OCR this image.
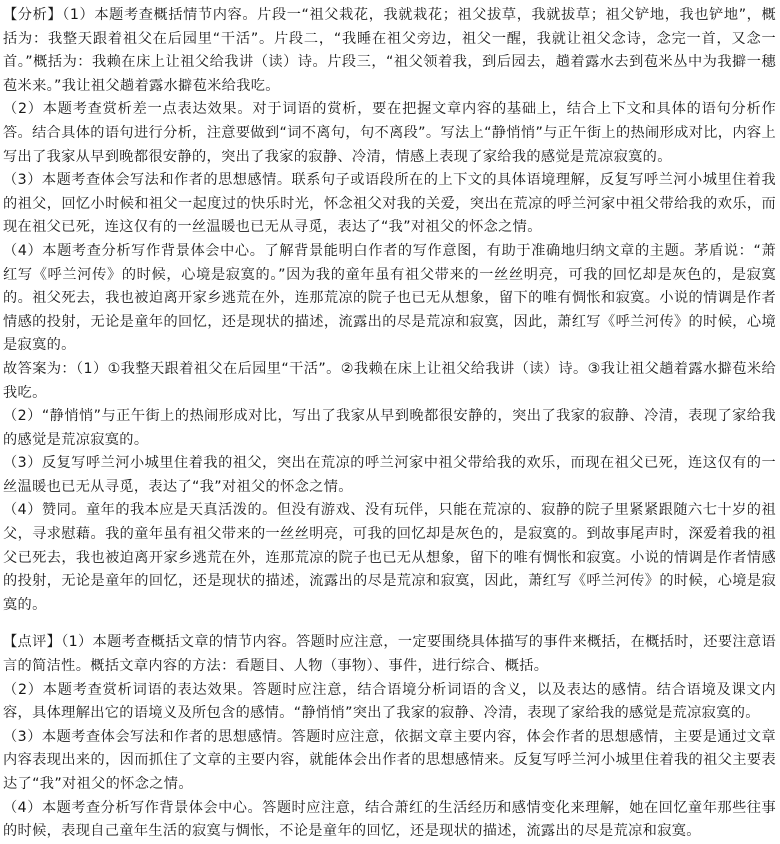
【分析】（1）本题考查概括情节内容。片段一“祖父栽花，我就栽花；祖父拔草，我就拔草；祖父铲地，我也铲地”，概括为：我整天跟着祖父在后园里“干活”。片段二，“我睡在祖父旁边，祖父一醒，我就让祖父念诗，念完一首，又念一首。”概括为：我赖在床上让祖父给我讲（读）诗。片段三，“祖父领着我，到后园去，趟着露水去到苞米丛中为我擗一穗苞米来。”我让祖父趟着露水擗苞米给我吃。

（2）本题考查赏析差一点表达效果。对于词语的赏析，要在把握文章内容的基础上，结合上下文和具体的语句分析作答。结合具体的语句进行分析，注意要做到“词不离句，句不离段”。写法上“静悄悄”与正午街上的热闹形成对比，内容上写出了我家从早到晚都很安静的，突出了我家的寂静、冷清，情感上表现了家给我的感觉是荒凉寂寞的。

（3）本题考查体会写法和作者的思想感情。联系句子或语段所在的上下文的具体语境理解，反复写呼兰河小城里住着我的祖父，回忆小时候和祖父一起度过的快乐时光，怀念祖父对我的关爱，突出在荒凉的呼兰河家中祖父带给我的欢乐，而现在祖父已死，连这仅有的一丝温暖也已无从寻觅，表达了“我”对祖父的怀念之情。

（4）本题考查分析写作背景体会中心。了解背景能明白作者的写作意图，有助于准确地归纳文章的主题。茅盾说：“萧红写《呼兰河传》的时候，心境是寂寞的。”因为我的童年虽有祖父带来的一丝丝明亮，可我的回忆却是灰色的，是寂寞的。祖父死去，我也被迫离开家乡逃荒在外，连那荒凉的院子也已无从想象，留下的唯有惆怅和寂寞。小说的情调是作者情感的投射，无论是童年的回忆，还是现状的描述，流露出的尽是荒凉和寂寞，因此，萧红写《呼兰河传》的时候，心境是寂寞的。

故答案为：（1）①我整天跟着祖父在后园里“干活”。②我赖在床上让祖父给我讲（读）诗。③我让祖父趟着露水擗苞米给我吃。

（2）“静悄悄”与正午街上的热闹形成对比，写出了我家从早到晚都很安静的，突出了我家的寂静、冷清，表现了家给我的感觉是荒凉寂寞的。

（3）反复写呼兰河小城里住着我的祖父，突出在荒凉的呼兰河家中祖父带给我的欢乐，而现在祖父已死，连这仅有的一丝温暖也已无从寻觅，表达了“我”对祖父的怀念之情。

（4）赞同。童年的我本应是天真活泼的。但没有游戏、没有玩伴，只能在荒凉的、寂静的院子里紧紧跟随六七十岁的祖父，寻求慰藉。我的童年虽有祖父带来的一丝丝明亮，可我的回忆却是灰色的，是寂寞的。到故事尾声时，深爱着我的祖父已死去，我也被迫离开家乡逃荒在外，连那荒凉的院子也已无从想象，留下的唯有惆怅和寂寞。小说的情调是作者情感的投射，无论是童年的回忆，还是现状的描述，流露出的尽是荒凉和寂寞，因此，萧红写《呼兰河传》的时候，心境是寂寞的。

【点评】（1）本题考查概括文章的情节内容。答题时应注意，一定要围绕具体描写的事件来概括，在概括时，还要注意语言的简洁性。概括文章内容的方法：看题目、人物（事物）、事件，进行综合、概括。

（2）本题考查赏析词语的表达效果。答题时应注意，结合语境分析词语的含义，以及表达的感情。结合语境及课文内容，具体理解出它的语境义及所包含的感情。“静悄悄”突出了我家的寂静、冷清，表现了家给我的感觉是荒凉寂寞的。

（3）本题考查体会写法和作者的思想感情。答题时应注意，依据文章主要内容，体会作者的思想感情，主要是通过文章内容表现出来的，因而抓住了文章的主要内容，就能体会出作者的思想感情来。反复写呼兰河小城里住着我的祖父主要表达了“我”对祖父的怀念之情。

（4）本题考查分析写作背景体会中心。答题时应注意，结合萧红的生活经历和感情变化来理解，她在回忆童年那些往事的时候，表现自己童年生活的寂寞与惆怅，不论是童年的回忆，还是现状的描述，流露出的尽是荒凉和寂寞。
